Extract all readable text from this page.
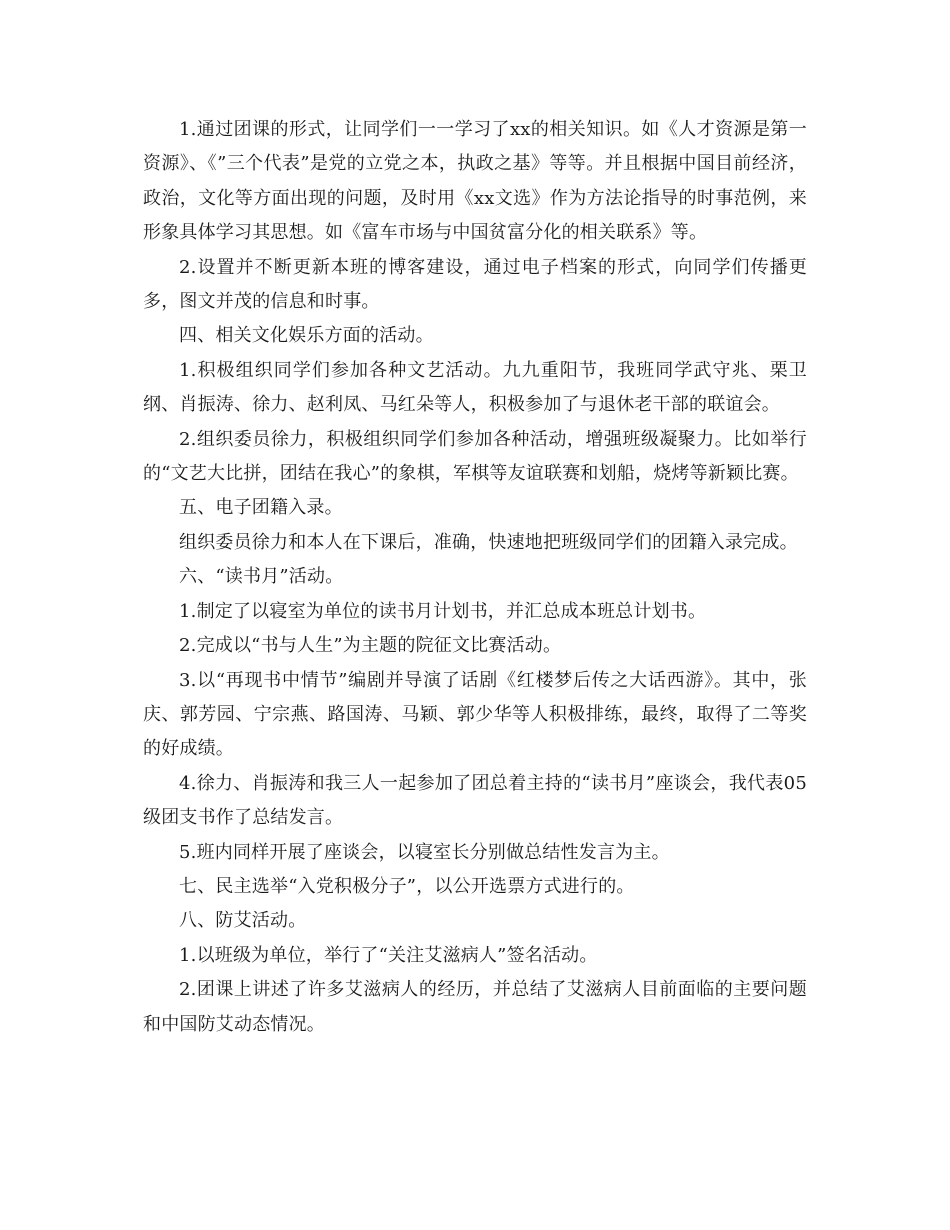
1.通过团课的形式，让同学们一一学习了xx的相关知识。如《人才资源是第一资源》、《”三个代表”是党的立党之本，执政之基》等等。并且根据中国目前经济，政治，文化等方面出现的问题，及时用《xx文选》作为方法论指导的时事范例，来形象具体学习其思想。如《富车市场与中国贫富分化的相关联系》等。

2.设置并不断更新本班的博客建设，通过电子档案的形式，向同学们传播更多，图文并茂的信息和时事。

四、相关文化娱乐方面的活动。

1.积极组织同学们参加各种文艺活动。九九重阳节，我班同学武守兆、栗卫纲、肖振涛、徐力、赵利凤、马红朵等人，积极参加了与退休老干部的联谊会。

2.组织委员徐力，积极组织同学们参加各种活动，增强班级凝聚力。比如举行的“文艺大比拼，团结在我心”的象棋，军棋等友谊联赛和划船，烧烤等新颖比赛。

五、电子团籍入录。

组织委员徐力和本人在下课后，准确，快速地把班级同学们的团籍入录完成。

六、“读书月”活动。

1.制定了以寝室为单位的读书月计划书，并汇总成本班总计划书。

2.完成以“书与人生”为主题的院征文比赛活动。

3.以“再现书中情节”编剧并导演了话剧《红楼梦后传之大话西游》。其中，张庆、郭芳园、宁宗燕、路国涛、马颖、郭少华等人积极排练，最终，取得了二等奖的好成绩。

4.徐力、肖振涛和我三人一起参加了团总着主持的“读书月”座谈会，我代表05级团支书作了总结发言。

5.班内同样开展了座谈会，以寝室长分别做总结性发言为主。

七、民主选举“入党积极分子”，以公开选票方式进行的。

八、防艾活动。

1.以班级为单位，举行了“关注艾滋病人”签名活动。

2.团课上讲述了许多艾滋病人的经历，并总结了艾滋病人目前面临的主要问题和中国防艾动态情况。
